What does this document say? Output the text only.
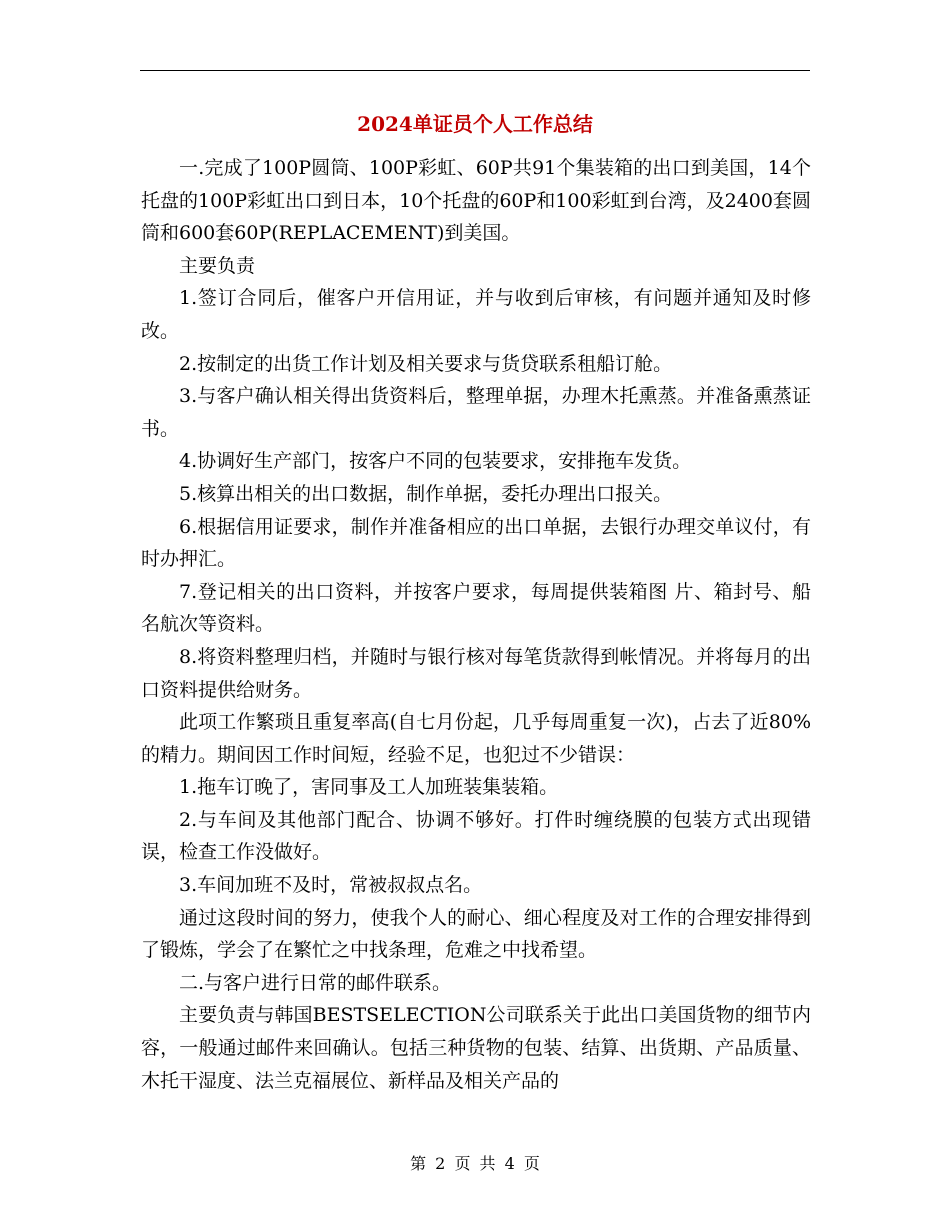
2024单证员个人工作总结

一.完成了100P圆筒、100P彩虹、60P共91个集装箱的出口到美国，14个托盘的100P彩虹出口到日本，10个托盘的60P和100彩虹到台湾，及2400套圆筒和600套60P(REPLACEMENT)到美国。

主要负责

1.签订合同后，催客户开信用证，并与收到后审核，有问题并通知及时修改。

2.按制定的出货工作计划及相关要求与货贷联系租船订舱。

3.与客户确认相关得出货资料后，整理单据，办理木托熏蒸。并准备熏蒸证书。

4.协调好生产部门，按客户不同的包装要求，安排拖车发货。

5.核算出相关的出口数据，制作单据，委托办理出口报关。

6.根据信用证要求，制作并准备相应的出口单据，去银行办理交单议付，有时办押汇。

7.登记相关的出口资料，并按客户要求，每周提供装箱图 片、箱封号、船名航次等资料。

8.将资料整理归档，并随时与银行核对每笔货款得到帐情况。并将每月的出口资料提供给财务。

此项工作繁琐且重复率高(自七月份起，几乎每周重复一次)，占去了近80%的精力。期间因工作时间短，经验不足，也犯过不少错误：

1.拖车订晚了，害同事及工人加班装集装箱。

2.与车间及其他部门配合、协调不够好。打件时缠绕膜的包装方式出现错误，检查工作没做好。

3.车间加班不及时，常被叔叔点名。

通过这段时间的努力，使我个人的耐心、细心程度及对工作的合理安排得到了锻炼，学会了在繁忙之中找条理，危难之中找希望。

二.与客户进行日常的邮件联系。

主要负责与韩国BESTSELECTION公司联系关于此出口美国货物的细节内容，一般通过邮件来回确认。包括三种货物的包装、结算、出货期、产品质量、木托干湿度、法兰克福展位、新样品及相关产品的

第 2 页 共 4 页
